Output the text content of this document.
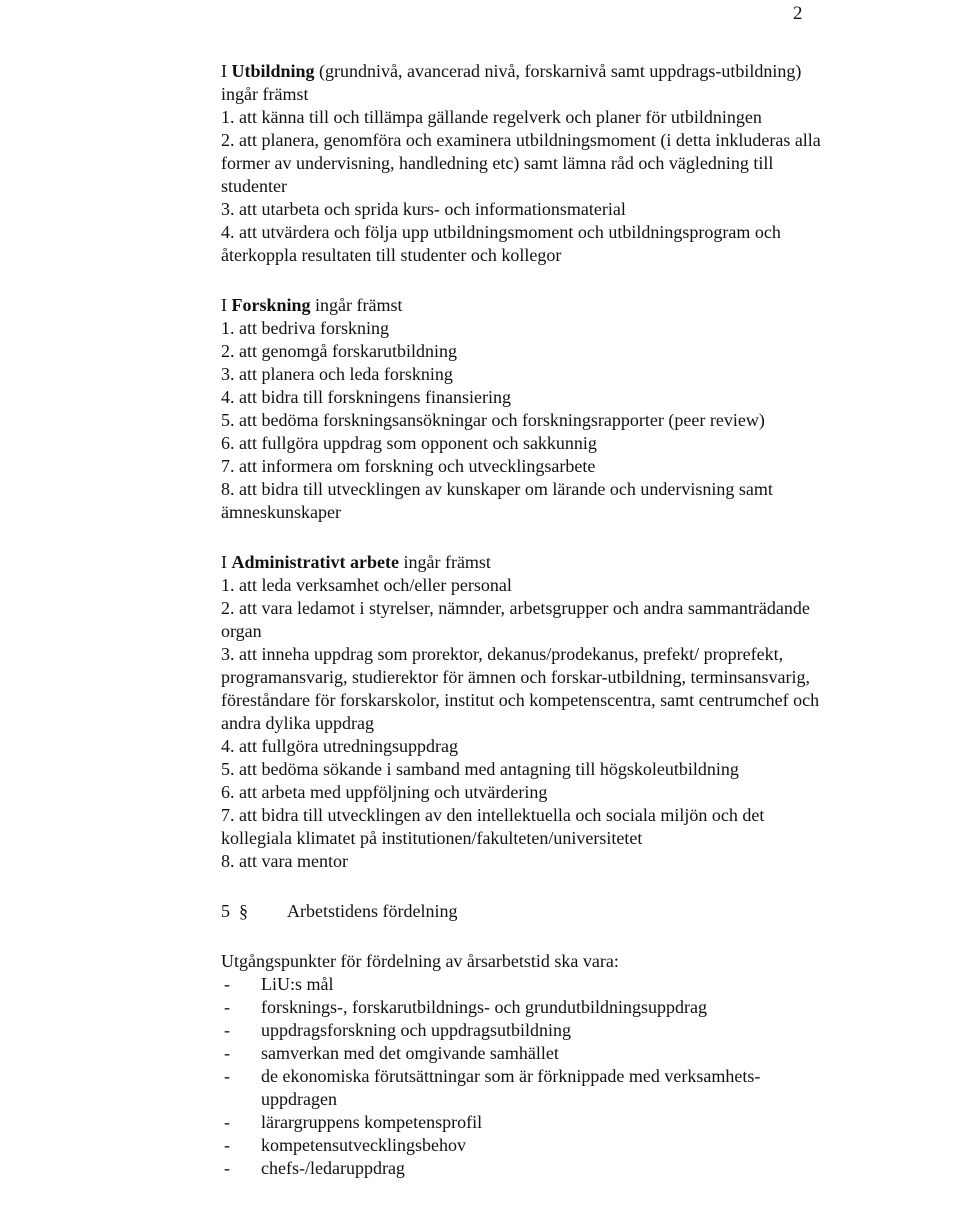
2

I Utbildning (grundnivå, avancerad nivå, forskarnivå samt uppdrags-utbildning) ingår främst

1. att känna till och tillämpa gällande regelverk och planer för utbildningen
2. att planera, genomföra och examinera utbildningsmoment (i detta inkluderas alla former av undervisning, handledning etc) samt lämna råd och vägledning till studenter
3. att utarbeta och sprida kurs- och informationsmaterial
4. att utvärdera och följa upp utbildningsmoment och utbildningsprogram och återkoppla resultaten till studenter och kollegor

I Forskning ingår främst

1. att bedriva forskning
2. att genomgå forskarutbildning
3. att planera och leda forskning
4. att bidra till forskningens finansiering
5. att bedöma forskningsansökningar och forskningsrapporter (peer review)
6. att fullgöra uppdrag som opponent och sakkunnig
7. att informera om forskning och utvecklingsarbete
8. att bidra till utvecklingen av kunskaper om lärande och undervisning samt ämneskunskaper

I Administrativt arbete ingår främst

1. att leda verksamhet och/eller personal
2. att vara ledamot i styrelser, nämnder, arbetsgrupper och andra sammanträdande organ
3. att inneha uppdrag som prorektor, dekanus/prodekanus, prefekt/ proprefekt, programansvarig, studierektor för ämnen och forskar-utbildning, terminsansvarig, föreståndare för forskarskolor, institut och kompetenscentra, samt centrumchef och andra dylika uppdrag
4. att fullgöra utredningsuppdrag
5. att bedöma sökande i samband med antagning till högskoleutbildning
6. att arbeta med uppföljning och utvärdering
7. att bidra till utvecklingen av den intellektuella och sociala miljön och det kollegiala klimatet på institutionen/fakulteten/universitetet
8. att vara mentor

5 §	Arbetstidens fördelning

Utgångspunkter för fördelning av årsarbetstid ska vara:

- LiU:s mål
- forsknings-, forskarutbildnings- och grundutbildningsuppdrag
- uppdragsforskning och uppdragsutbildning
- samverkan med det omgivande samhället
- de ekonomiska förutsättningar som är förknippade med verksamhets-uppdragen
- lärargruppens kompetensprofil
- kompetensutvecklingsbehov
- chefs-/ledaruppdrag
